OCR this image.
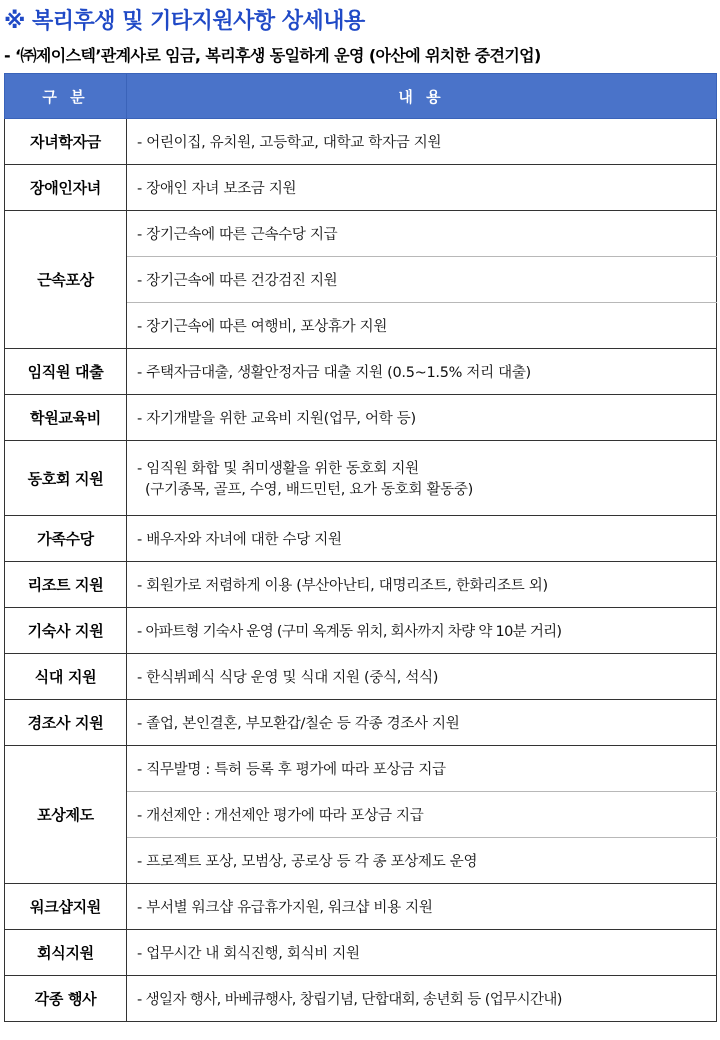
※ 복리후생 및 기타지원사항 상세내용
- ‘㈜제이스텍’관계사로 임금, 복리후생 동일하게 운영 (아산에 위치한 중견기업)
구 분	내 용
자녀학자금	- 어린이집, 유치원, 고등학교, 대학교 학자금 지원
장애인자녀	- 장애인 자녀 보조금 지원
근속포상	- 장기근속에 따른 근속수당 지급
	- 장기근속에 따른 건강검진 지원
	- 장기근속에 따른 여행비, 포상휴가 지원
임직원 대출	- 주택자금대출, 생활안정자금 대출 지원 (0.5~1.5% 저리 대출)
학원교육비	- 자기개발을 위한 교육비 지원(업무, 어학 등)
동호회 지원	- 임직원 화합 및 취미생활을 위한 동호회 지원
(구기종목, 골프, 수영, 배드민턴, 요가 동호회 활동중)

가족수당	- 배우자와 자녀에 대한 수당 지원
리조트 지원	- 회원가로 저렴하게 이용 (부산아난티, 대명리조트, 한화리조트 외)
기숙사 지원	- 아파트형 기숙사 운영 (구미 옥계동 위치, 회사까지 차량 약 10분 거리)
식대 지원	- 한식뷔페식 식당 운영 및 식대 지원 (중식, 석식)
경조사 지원	- 졸업, 본인결혼, 부모환갑/칠순 등 각종 경조사 지원
포상제도	- 직무발명 : 특허 등록 후 평가에 따라 포상금 지급
	- 개선제안 : 개선제안 평가에 따라 포상금 지급
	- 프로젝트 포상, 모범상, 공로상 등 각 종 포상제도 운영
워크샵지원	- 부서별 워크샵 유급휴가지원, 워크샵 비용 지원
회식지원	- 업무시간 내 회식진행, 회식비 지원
각종 행사	- 생일자 행사, 바베큐행사, 창립기념, 단합대회, 송년회 등 (업무시간내)
